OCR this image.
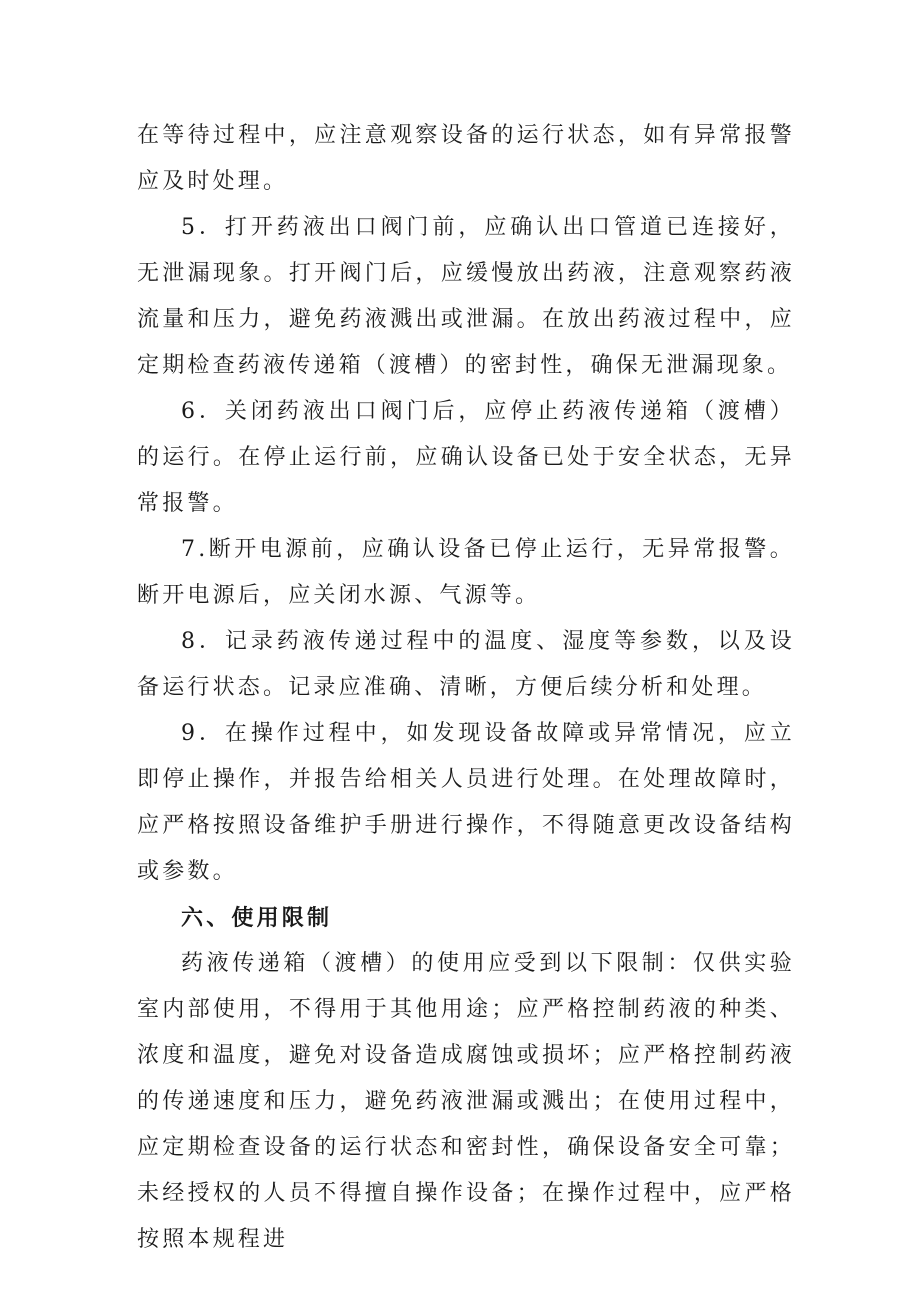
在等待过程中，应注意观察设备的运行状态，如有异常报警应及时处理。

5．打开药液出口阀门前，应确认出口管道已连接好，无泄漏现象。打开阀门后，应缓慢放出药液，注意观察药液流量和压力，避免药液溅出或泄漏。在放出药液过程中，应定期检查药液传递箱（渡槽）的密封性，确保无泄漏现象。

6．关闭药液出口阀门后，应停止药液传递箱（渡槽）的运行。在停止运行前，应确认设备已处于安全状态，无异常报警。

7.断开电源前，应确认设备已停止运行，无异常报警。断开电源后，应关闭水源、气源等。

8．记录药液传递过程中的温度、湿度等参数，以及设备运行状态。记录应准确、清晰，方便后续分析和处理。

9．在操作过程中，如发现设备故障或异常情况，应立即停止操作，并报告给相关人员进行处理。在处理故障时，应严格按照设备维护手册进行操作，不得随意更改设备结构或参数。

六、使用限制

药液传递箱（渡槽）的使用应受到以下限制：仅供实验室内部使用，不得用于其他用途；应严格控制药液的种类、浓度和温度，避免对设备造成腐蚀或损坏；应严格控制药液的传递速度和压力，避免药液泄漏或溅出；在使用过程中，应定期检查设备的运行状态和密封性，确保设备安全可靠；未经授权的人员不得擅自操作设备；在操作过程中，应严格按照本规程进
